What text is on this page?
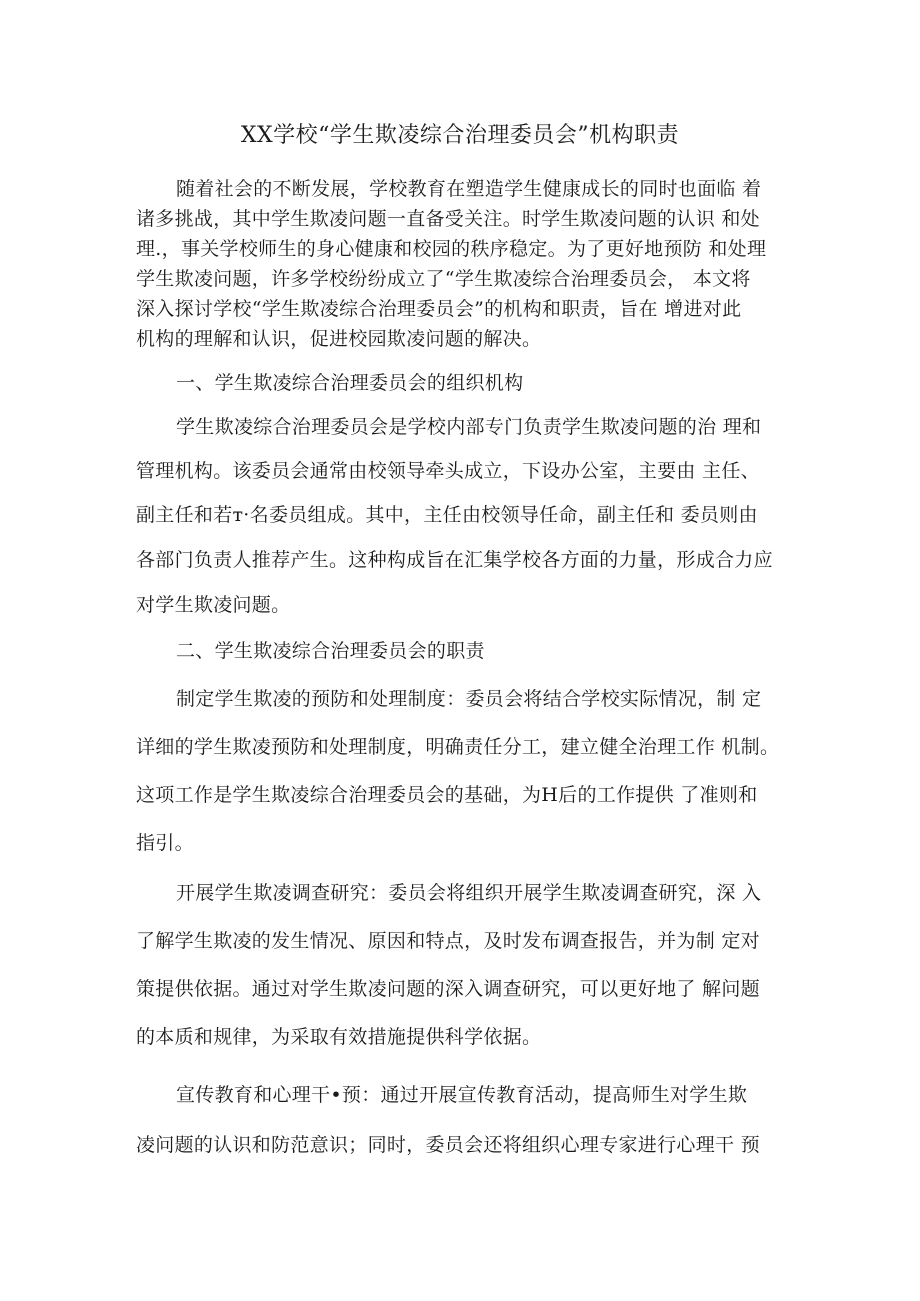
XX学校“学生欺凌综合治理委员会”机构职责
随着社会的不断发展，学校教育在塑造学生健康成长的同时也面临 着
诸多挑战，其中学生欺凌问题一直备受关注。时学生欺凌问题的认识 和处
理.，事关学校师生的身心健康和校园的秩序稳定。为了更好地预防 和处理
学生欺凌问题，许多学校纷纷成立了“学生欺凌综合治理委员会， 本文将
深入探讨学校“学生欺凌综合治理委员会”的机构和职责，旨在 增进对此
机构的理解和认识，促进校园欺凌问题的解决。
一、学生欺凌综合治理委员会的组织机构
学生欺凌综合治理委员会是学校内部专门负责学生欺凌问题的治 理和
管理机构。该委员会通常由校领导牵头成立，下设办公室，主要由 主任、
副主任和若т·名委员组成。其中，主任由校领导任命，副主任和 委员则由
各部门负责人推荐产生。这种构成旨在汇集学校各方面的力量，形成合力应
对学生欺凌问题。
二、学生欺凌综合治理委员会的职责
制定学生欺凌的预防和处理制度：委员会将结合学校实际情况，制 定
详细的学生欺凌预防和处理制度，明确责任分工，建立健全治理工作 机制。
这项工作是学生欺凌综合治理委员会的基础，为H后的工作提供 了准则和
指引。
开展学生欺凌调查研究：委员会将组织开展学生欺凌调查研究，深 入
了解学生欺凌的发生情况、原因和特点，及时发布调查报告，并为制 定对
策提供依据。通过对学生欺凌问题的深入调查研究，可以更好地了 解问题
的本质和规律，为采取有效措施提供科学依据。
宣传教育和心理干•预：通过开展宣传教育活动，提高师生对学生欺
凌问题的认识和防范意识；同时，委员会还将组织心理专家进行心理干 预
